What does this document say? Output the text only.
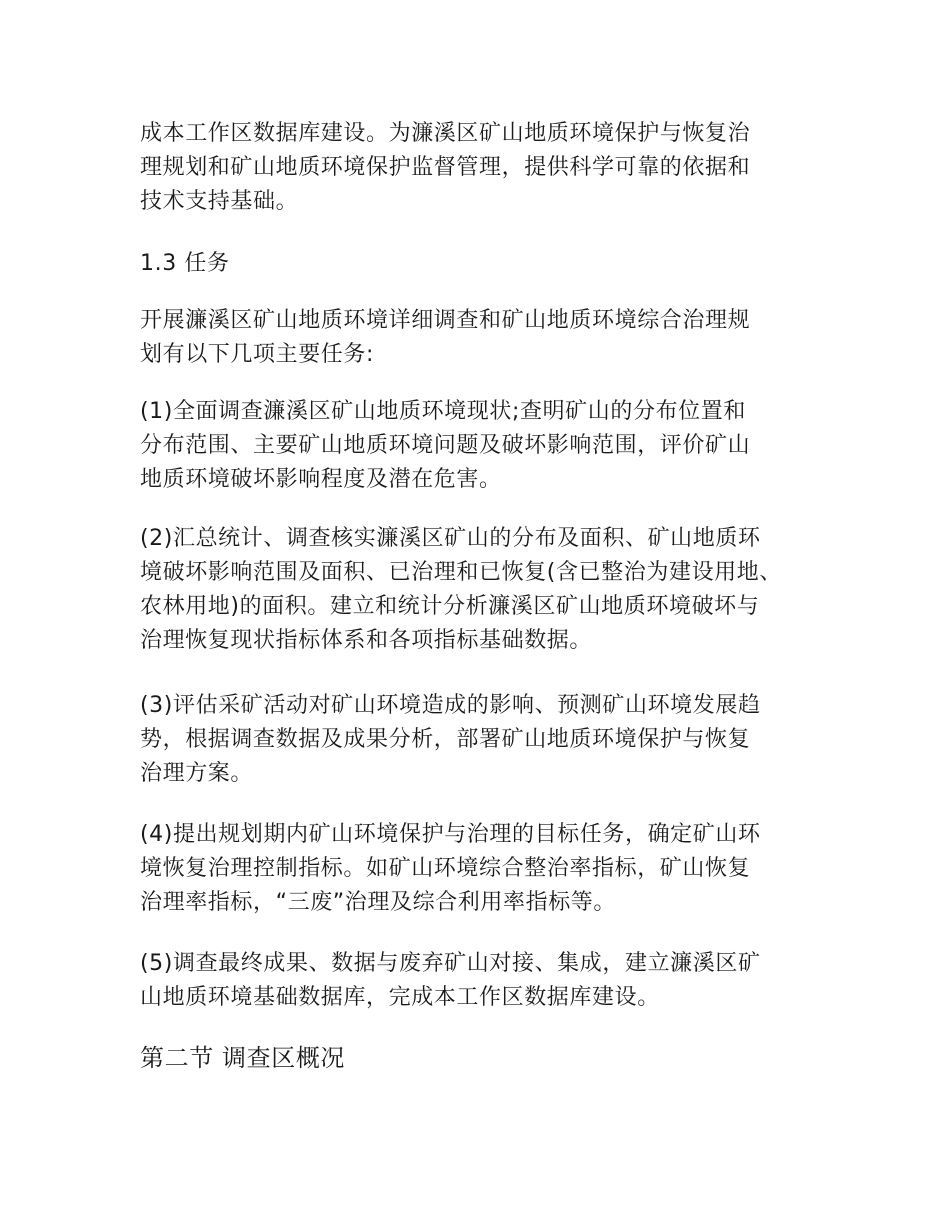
成本工作区数据库建设。为濂溪区矿山地质环境保护与恢复治
理规划和矿山地质环境保护监督管理，提供科学可靠的依据和
技术支持基础。
1.3 任务
开展濂溪区矿山地质环境详细调查和矿山地质环境综合治理规
划有以下几项主要任务:
(1)全面调查濂溪区矿山地质环境现状;查明矿山的分布位置和
分布范围、主要矿山地质环境问题及破坏影响范围，评价矿山
地质环境破坏影响程度及潜在危害。
(2)汇总统计、调查核实濂溪区矿山的分布及面积、矿山地质环
境破坏影响范围及面积、已治理和已恢复(含已整治为建设用地、
农林用地)的面积。建立和统计分析濂溪区矿山地质环境破坏与
治理恢复现状指标体系和各项指标基础数据。
(3)评估采矿活动对矿山环境造成的影响、预测矿山环境发展趋
势，根据调查数据及成果分析，部署矿山地质环境保护与恢复
治理方案。
(4)提出规划期内矿山环境保护与治理的目标任务，确定矿山环
境恢复治理控制指标。如矿山环境综合整治率指标，矿山恢复
治理率指标，“三废”治理及综合利用率指标等。
(5)调查最终成果、数据与废弃矿山对接、集成，建立濂溪区矿
山地质环境基础数据库，完成本工作区数据库建设。
第二节 调查区概况
